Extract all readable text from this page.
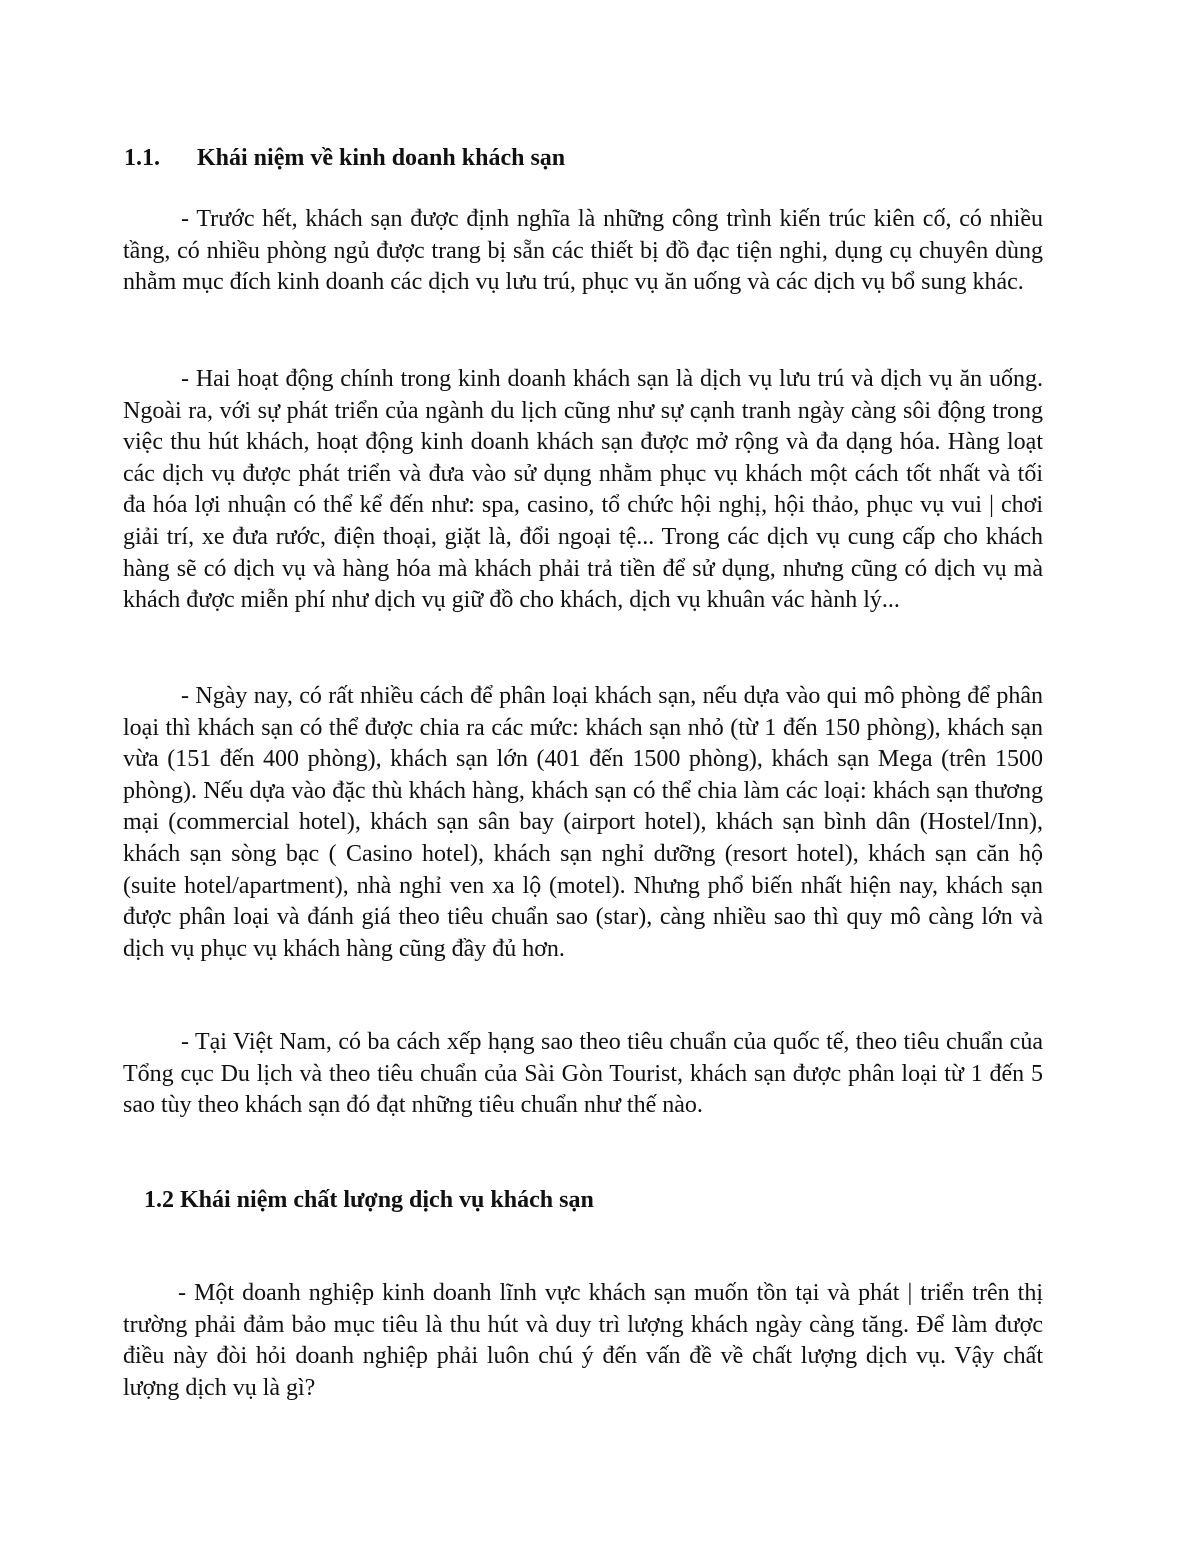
1.1. Khái niệm về kinh doanh khách sạn

- Trước hết, khách sạn được định nghĩa là những công trình kiến trúc kiên cố, có nhiều tầng, có nhiều phòng ngủ được trang bị sẵn các thiết bị đồ đạc tiện nghi, dụng cụ chuyên dùng nhằm mục đích kinh doanh các dịch vụ lưu trú, phục vụ ăn uống và các dịch vụ bổ sung khác.

- Hai hoạt động chính trong kinh doanh khách sạn là dịch vụ lưu trú và dịch vụ ăn uống. Ngoài ra, với sự phát triển của ngành du lịch cũng như sự cạnh tranh ngày càng sôi động trong việc thu hút khách, hoạt động kinh doanh khách sạn được mở rộng và đa dạng hóa. Hàng loạt các dịch vụ được phát triển và đưa vào sử dụng nhằm phục vụ khách một cách tốt nhất và tối đa hóa lợi nhuận có thể kể đến như: spa, casino, tổ chức hội nghị, hội thảo, phục vụ vui | chơi giải trí, xe đưa rước, điện thoại, giặt là, đổi ngoại tệ... Trong các dịch vụ cung cấp cho khách hàng sẽ có dịch vụ và hàng hóa mà khách phải trả tiền để sử dụng, nhưng cũng có dịch vụ mà khách được miễn phí như dịch vụ giữ đồ cho khách, dịch vụ khuân vác hành lý...

- Ngày nay, có rất nhiều cách để phân loại khách sạn, nếu dựa vào qui mô phòng để phân loại thì khách sạn có thể được chia ra các mức: khách sạn nhỏ (từ 1 đến 150 phòng), khách sạn vừa (151 đến 400 phòng), khách sạn lớn (401 đến 1500 phòng), khách sạn Mega (trên 1500 phòng). Nếu dựa vào đặc thù khách hàng, khách sạn có thể chia làm các loại: khách sạn thương mại (commercial hotel), khách sạn sân bay (airport hotel), khách sạn bình dân (Hostel/Inn), khách sạn sòng bạc ( Casino hotel), khách sạn nghỉ dưỡng (resort hotel), khách sạn căn hộ (suite hotel/apartment), nhà nghỉ ven xa lộ (motel). Nhưng phổ biến nhất hiện nay, khách sạn được phân loại và đánh giá theo tiêu chuẩn sao (star), càng nhiều sao thì quy mô càng lớn và dịch vụ phục vụ khách hàng cũng đầy đủ hơn.

- Tại Việt Nam, có ba cách xếp hạng sao theo tiêu chuẩn của quốc tế, theo tiêu chuẩn của Tổng cục Du lịch và theo tiêu chuẩn của Sài Gòn Tourist, khách sạn được phân loại từ 1 đến 5 sao tùy theo khách sạn đó đạt những tiêu chuẩn như thế nào.

1.2 Khái niệm chất lượng dịch vụ khách sạn

- Một doanh nghiệp kinh doanh lĩnh vực khách sạn muốn tồn tại và phát | triển trên thị trường phải đảm bảo mục tiêu là thu hút và duy trì lượng khách ngày càng tăng. Để làm được điều này đòi hỏi doanh nghiệp phải luôn chú ý đến vấn đề về chất lượng dịch vụ. Vậy chất lượng dịch vụ là gì?
